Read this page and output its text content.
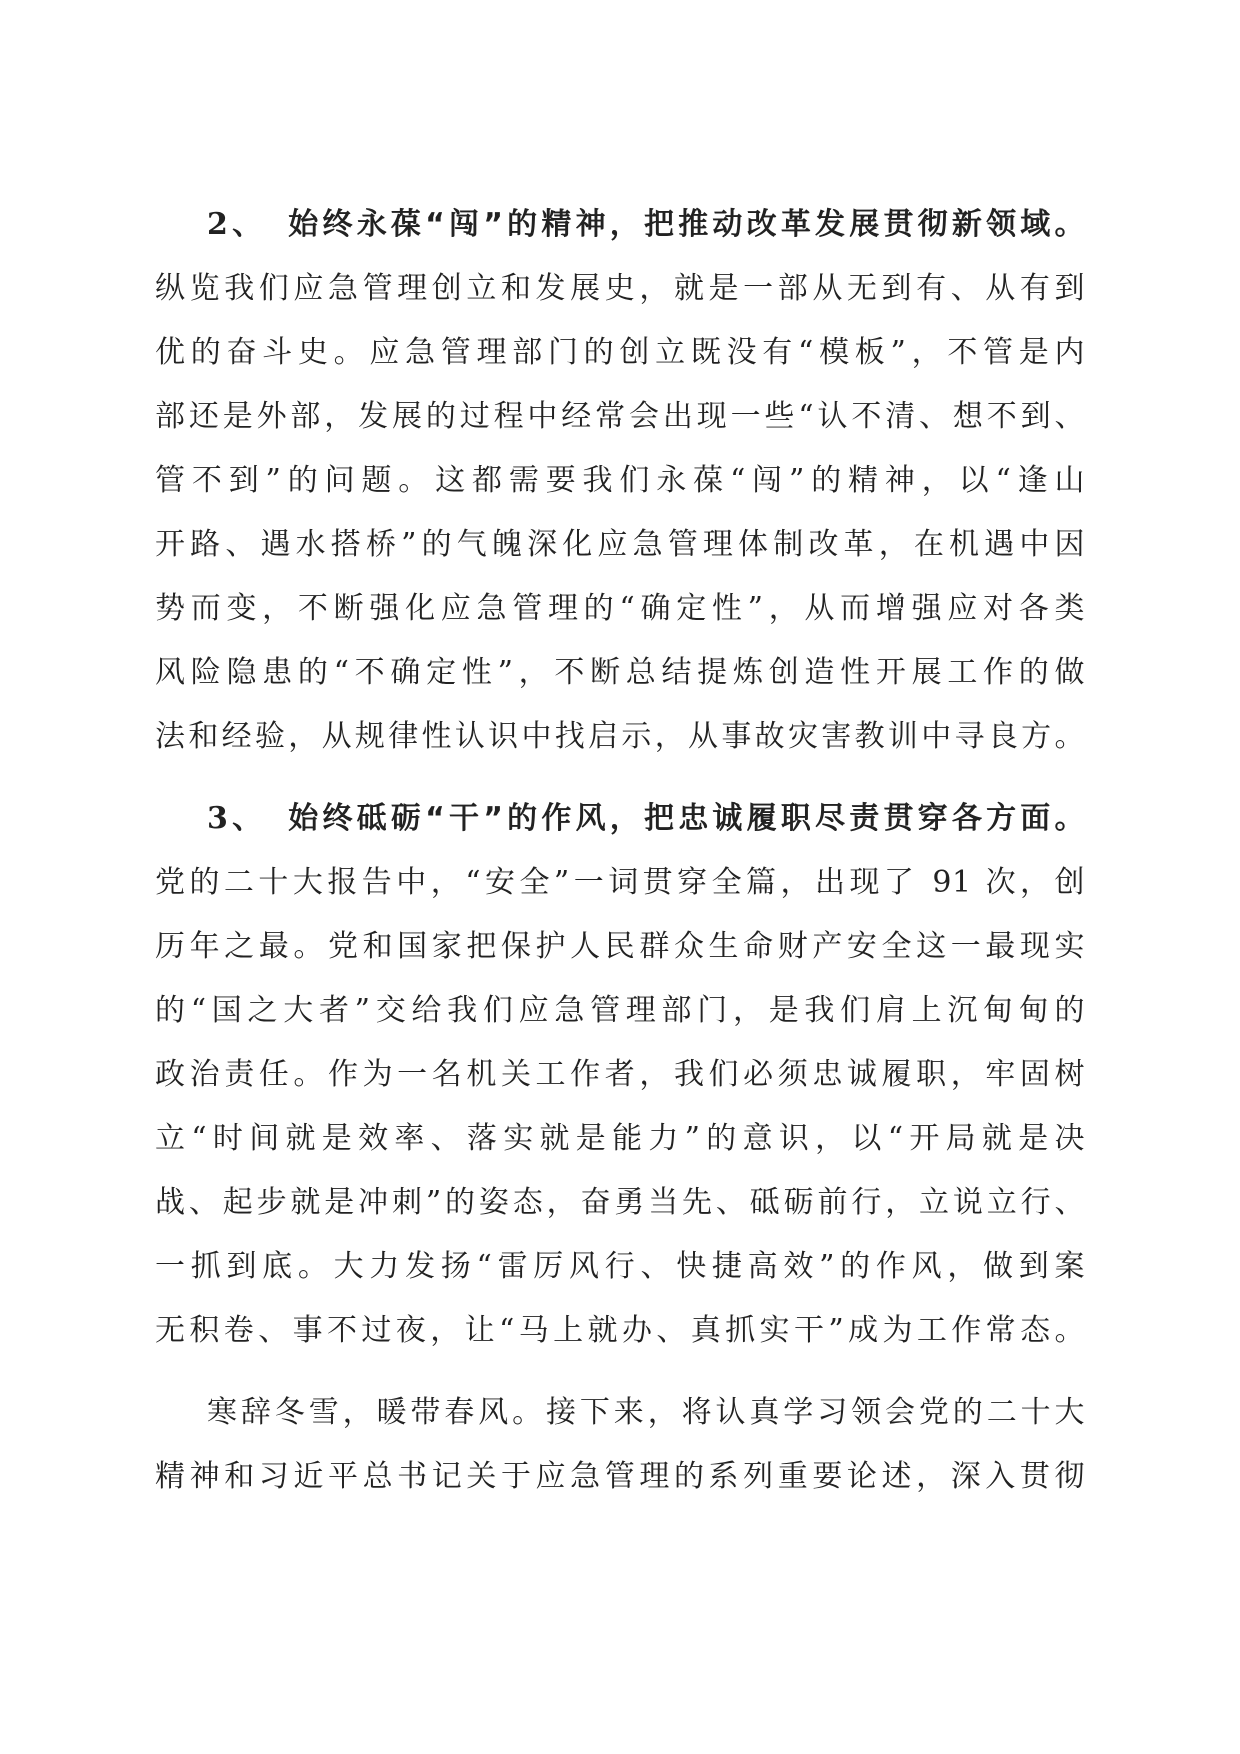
2、 始终永葆“闯”的精神，把推动改革发展贯彻新领域。
纵览我们应急管理创立和发展史，就是一部从无到有、从有到
优的奋斗史。应急管理部门的创立既没有“模板”，不管是内
部还是外部，发展的过程中经常会出现一些“认不清、想不到、
管不到”的问题。这都需要我们永葆“闯”的精神，以“逢山
开路、遇水搭桥”的气魄深化应急管理体制改革，在机遇中因
势而变，不断强化应急管理的“确定性”，从而增强应对各类
风险隐患的“不确定性”，不断总结提炼创造性开展工作的做
法和经验，从规律性认识中找启示，从事故灾害教训中寻良方。
3、 始终砥砺“干”的作风，把忠诚履职尽责贯穿各方面。
党的二十大报告中，“安全”一词贯穿全篇，出现了 91 次，创
历年之最。党和国家把保护人民群众生命财产安全这一最现实
的“国之大者”交给我们应急管理部门，是我们肩上沉甸甸的
政治责任。作为一名机关工作者，我们必须忠诚履职，牢固树
立“时间就是效率、落实就是能力”的意识，以“开局就是决
战、起步就是冲刺”的姿态，奋勇当先、砥砺前行，立说立行、
一抓到底。大力发扬“雷厉风行、快捷高效”的作风，做到案
无积卷、事不过夜，让“马上就办、真抓实干”成为工作常态。
寒辞冬雪，暖带春风。接下来，将认真学习领会党的二十大
精神和习近平总书记关于应急管理的系列重要论述，深入贯彻
